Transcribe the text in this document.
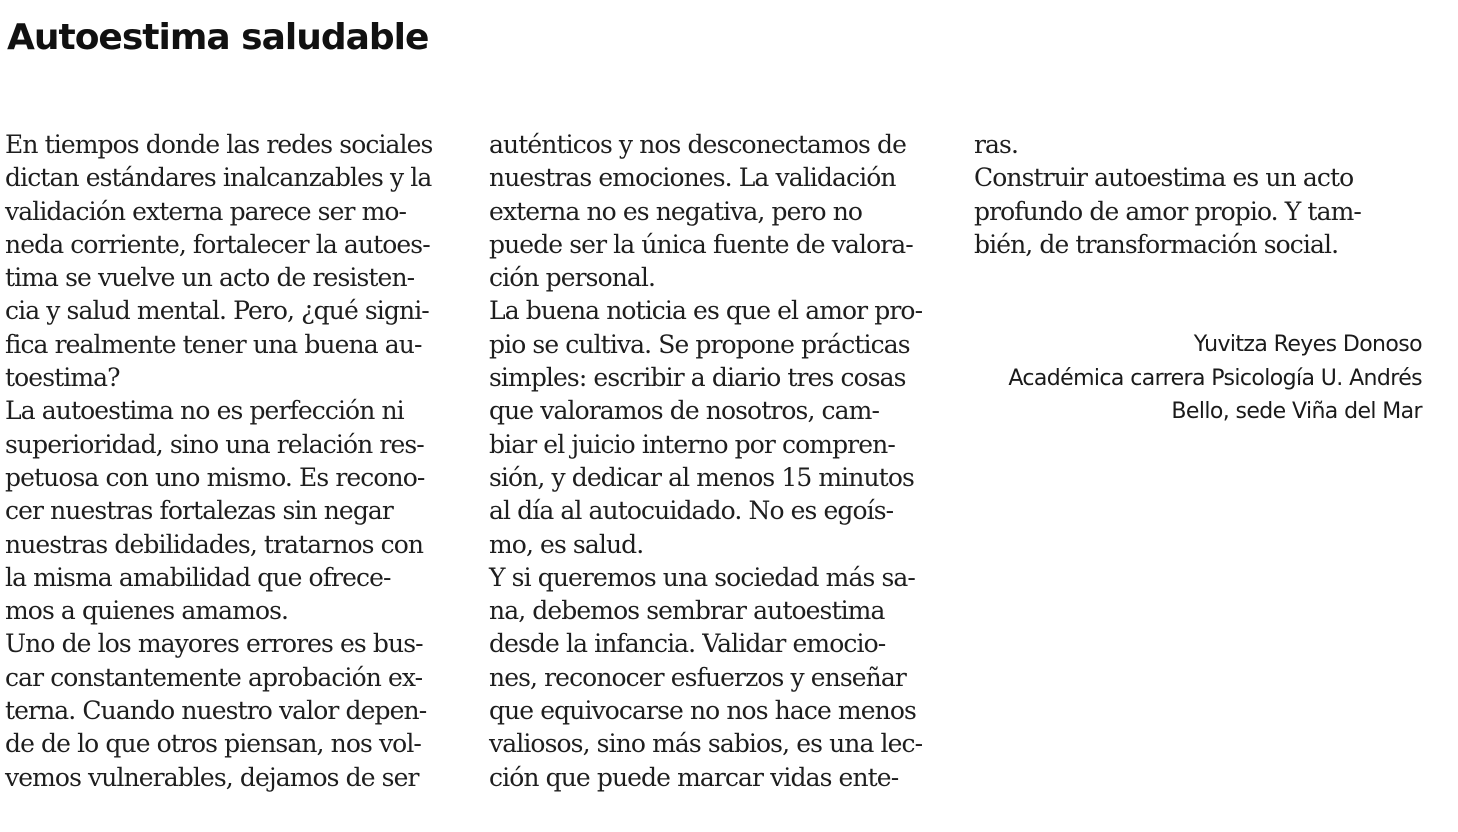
Autoestima saludable
En tiempos donde las redes sociales
dictan estándares inalcanzables y la
validación externa parece ser mo-
neda corriente, fortalecer la autoes-
tima se vuelve un acto de resisten-
cia y salud mental. Pero, ¿qué signi-
fica realmente tener una buena au-
toestima?
La autoestima no es perfección ni
superioridad, sino una relación res-
petuosa con uno mismo. Es recono-
cer nuestras fortalezas sin negar
nuestras debilidades, tratarnos con
la misma amabilidad que ofrece-
mos a quienes amamos.
Uno de los mayores errores es bus-
car constantemente aprobación ex-
terna. Cuando nuestro valor depen-
de de lo que otros piensan, nos vol-
vemos vulnerables, dejamos de ser
auténticos y nos desconectamos de
nuestras emociones. La validación
externa no es negativa, pero no
puede ser la única fuente de valora-
ción personal.
La buena noticia es que el amor pro-
pio se cultiva. Se propone prácticas
simples: escribir a diario tres cosas
que valoramos de nosotros, cam-
biar el juicio interno por compren-
sión, y dedicar al menos 15 minutos
al día al autocuidado. No es egoís-
mo, es salud.
Y si queremos una sociedad más sa-
na, debemos sembrar autoestima
desde la infancia. Validar emocio-
nes, reconocer esfuerzos y enseñar
que equivocarse no nos hace menos
valiosos, sino más sabios, es una lec-
ción que puede marcar vidas ente-
ras.
Construir autoestima es un acto
profundo de amor propio. Y tam-
bién, de transformación social.
Yuvitza Reyes Donoso
Académica carrera Psicología U. Andrés
Bello, sede Viña del Mar
